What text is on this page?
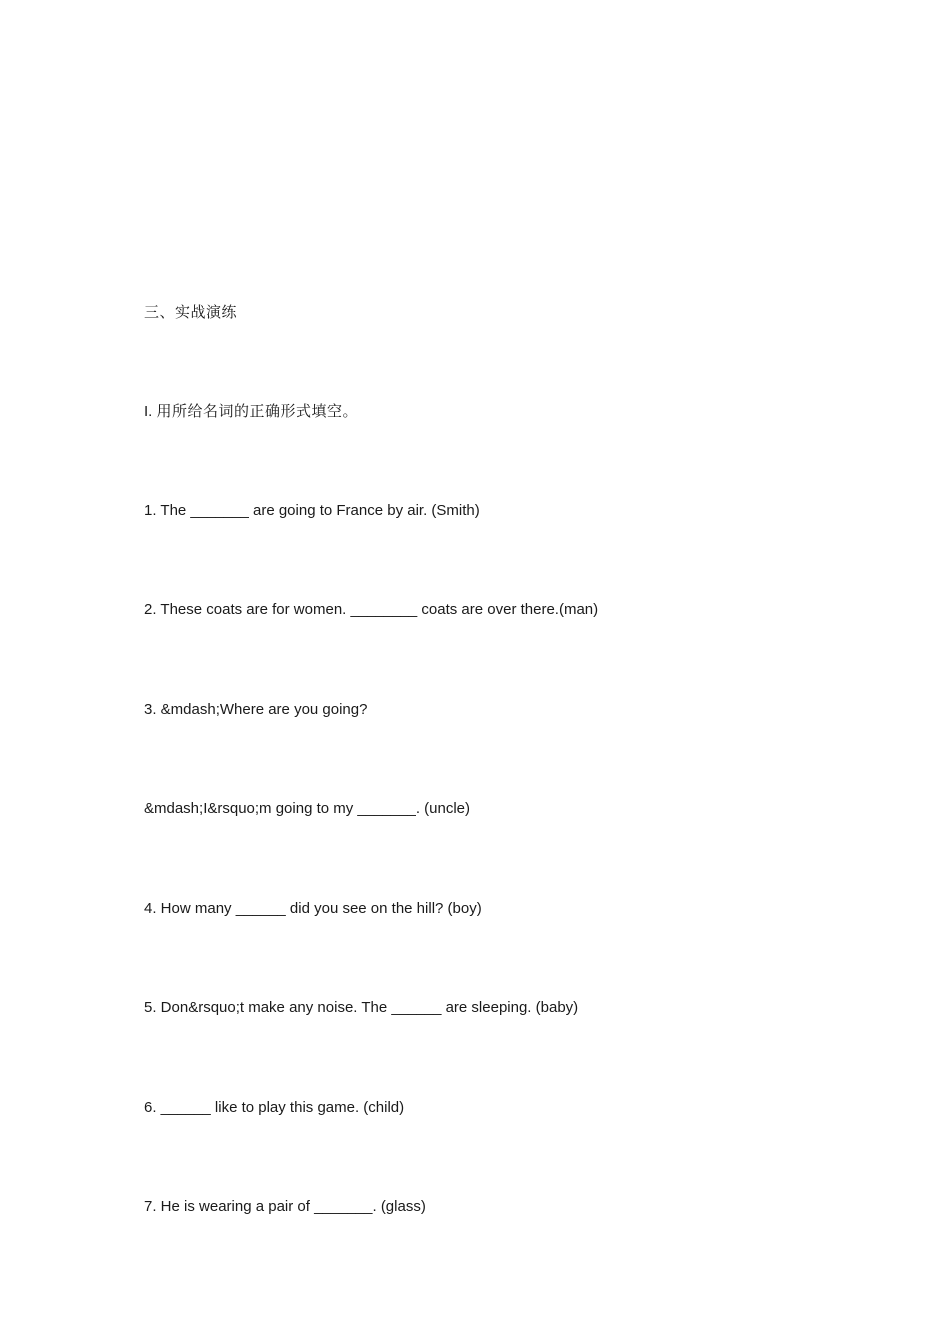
三、实战演练
I. 用所给名词的正确形式填空。
1. The _______ are going to France by air. (Smith)
2. These coats are for women. ________ coats are over there.(man)
3. &mdash;Where are you going?
&mdash;I&rsquo;m going to my _______. (uncle)
4. How many ______ did you see on the hill? (boy)
5. Don&rsquo;t make any noise. The ______ are sleeping. (baby)
6. ______ like to play this game. (child)
7. He is wearing a pair of _______. (glass)
